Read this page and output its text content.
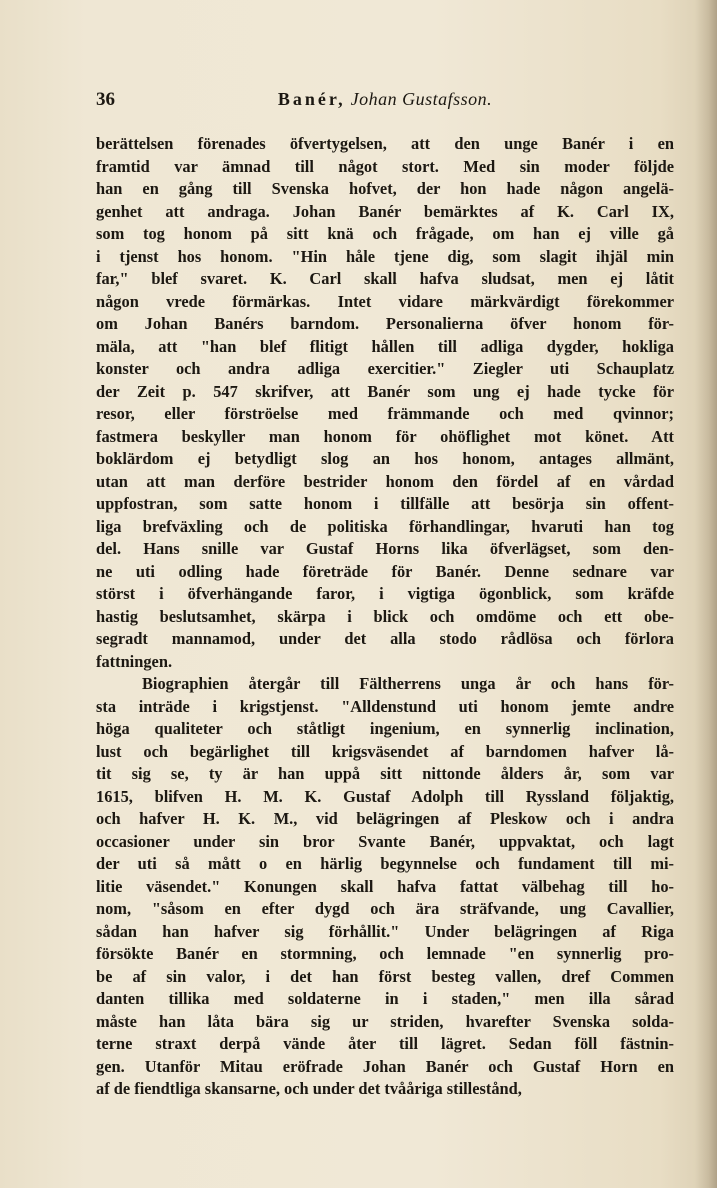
36	Banér, Johan Gustafsson.
berättelsen förenades öfvertygelsen, att den unge Banér i en
framtid var ämnad till något stort. Med sin moder följde
han en gång till Svenska hofvet, der hon hade någon angelä-
genhet att andraga. Johan Banér bemärktes af K. Carl IX,
som tog honom på sitt knä och frågade, om han ej ville gå
i tjenst hos honom. "Hin håle tjene dig, som slagit ihjäl min
far," blef svaret. K. Carl skall hafva sludsat, men ej låtit
någon vrede förmärkas. Intet vidare märkvärdigt förekommer
om Johan Banérs barndom. Personalierna öfver honom för-
mäla, att "han blef flitigt hållen till adliga dygder, hokliga
konster och andra adliga exercitier." Ziegler uti Schauplatz
der Zeit p. 547 skrifver, att Banér som ung ej hade tycke för
resor, eller förströelse med främmande och med qvinnor;
fastmera beskyller man honom för ohöflighet mot könet. Att
boklärdom ej betydligt slog an hos honom, antages allmänt,
utan att man derföre bestrider honom den fördel af en vårdad
uppfostran, som satte honom i tillfälle att besörja sin offent-
liga brefväxling och de politiska förhandlingar, hvaruti han tog
del. Hans snille var Gustaf Horns lika öfverlägset, som den-
ne uti odling hade företräde för Banér. Denne sednare var
störst i öfverhängande faror, i vigtiga ögonblick, som kräfde
hastig beslutsamhet, skärpa i blick och omdöme och ett obe-
segradt mannamod, under det alla stodo rådlösa och förlora
fattningen.
Biographien återgår till Fältherrens unga år och hans för-
sta inträde i krigstjenst. "Alldenstund uti honom jemte andre
höga qualiteter och ståtligt ingenium, en synnerlig inclination,
lust och begärlighet till krigsväsendet af barndomen hafver lå-
tit sig se, ty är han uppå sitt nittonde ålders år, som var
1615, blifven H. M. K. Gustaf Adolph till Ryssland följaktig,
och hafver H. K. M., vid belägringen af Pleskow och i andra
occasioner under sin bror Svante Banér, uppvaktat, och lagt
der uti så mått o en härlig begynnelse och fundament till mi-
litie väsendet." Konungen skall hafva fattat välbehag till ho-
nom, "såsom en efter dygd och ära sträfvande, ung Cavallier,
sådan han hafver sig förhållit." Under belägringen af Riga
försökte Banér en stormning, och lemnade "en synnerlig pro-
be af sin valor, i det han först besteg vallen, dref Commen
danten tillika med soldaterne in i staden," men illa sårad
måste han låta bära sig ur striden, hvarefter Svenska solda-
terne straxt derpå vände åter till lägret. Sedan föll fästnin-
gen. Utanför Mitau eröfrade Johan Banér och Gustaf Horn en
af de fiendtliga skansarne, och under det tvååriga stillestånd,
